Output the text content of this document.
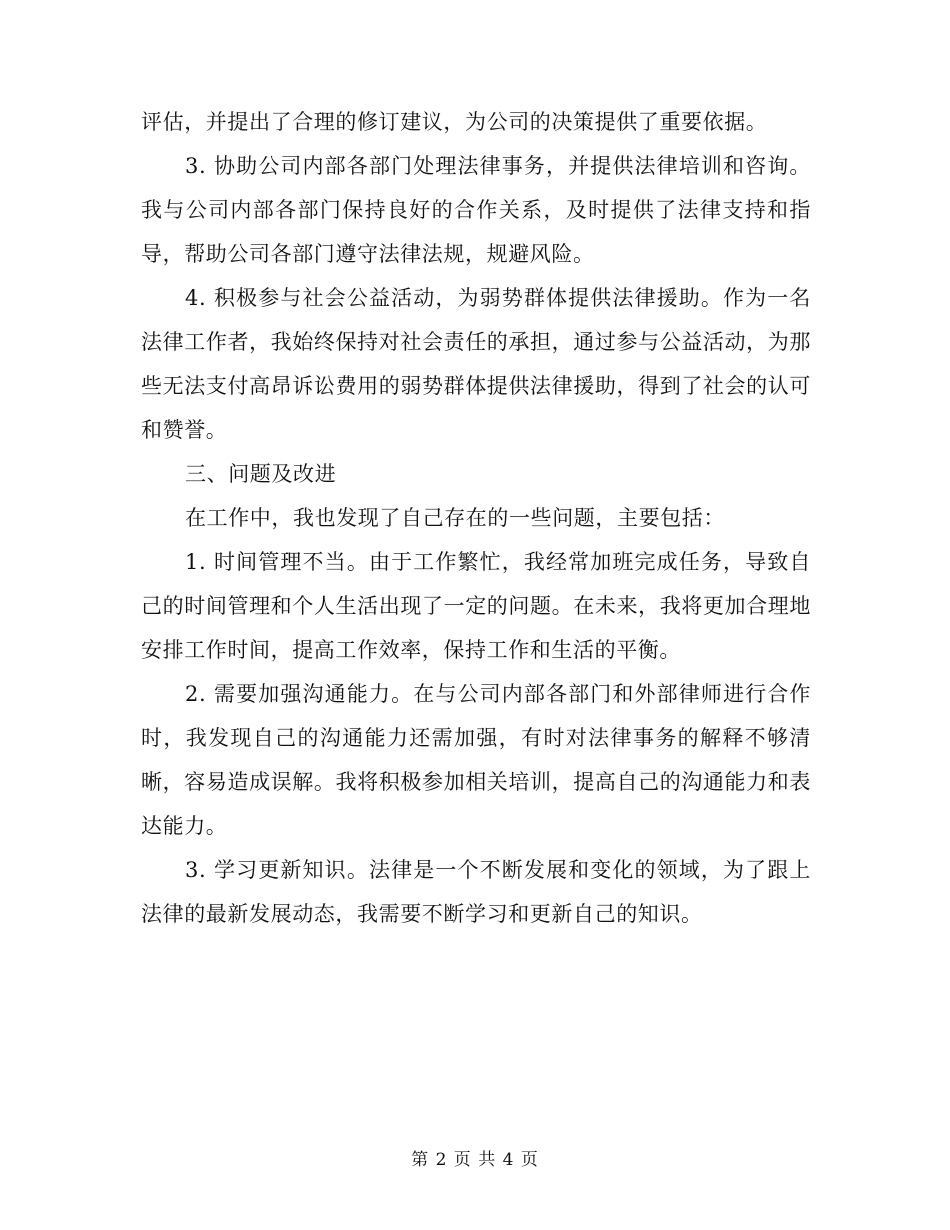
评估，并提出了合理的修订建议，为公司的决策提供了重要依据。

3. 协助公司内部各部门处理法律事务，并提供法律培训和咨询。我与公司内部各部门保持良好的合作关系，及时提供了法律支持和指导，帮助公司各部门遵守法律法规，规避风险。

4. 积极参与社会公益活动，为弱势群体提供法律援助。作为一名法律工作者，我始终保持对社会责任的承担，通过参与公益活动，为那些无法支付高昂诉讼费用的弱势群体提供法律援助，得到了社会的认可和赞誉。

三、问题及改进

在工作中，我也发现了自己存在的一些问题，主要包括：

1. 时间管理不当。由于工作繁忙，我经常加班完成任务，导致自己的时间管理和个人生活出现了一定的问题。在未来，我将更加合理地安排工作时间，提高工作效率，保持工作和生活的平衡。

2. 需要加强沟通能力。在与公司内部各部门和外部律师进行合作时，我发现自己的沟通能力还需加强，有时对法律事务的解释不够清晰，容易造成误解。我将积极参加相关培训，提高自己的沟通能力和表达能力。

3. 学习更新知识。法律是一个不断发展和变化的领域，为了跟上法律的最新发展动态，我需要不断学习和更新自己的知识。

第 2 页 共 4 页
